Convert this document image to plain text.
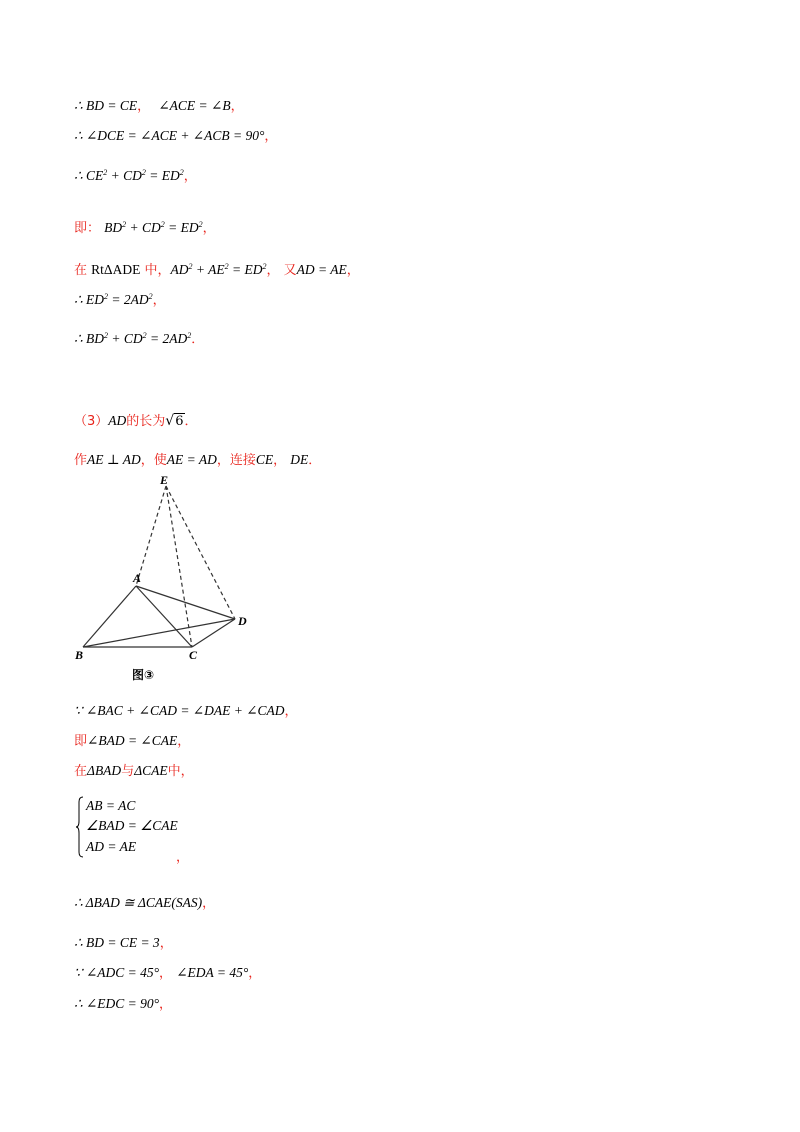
∴ BD = CE， ∠ACE = ∠B，
∴ ∠DCE = ∠ACE + ∠ACB = 90°，
∴ $CE^2 + CD^2 = ED^2$，
即： $BD^2 + CD^2 = ED^2$，
在 RtΔADE 中，$AD^2 + AE^2 = ED^2$， 又AD = AE，
∴ $ED^2 = 2AD^2$，
∴ $BD^2 + CD^2 = 2AD^2$．
（3）AD的长为√6．
作AE ⊥ AD，使AE = AD，连接CE， DE．
E
A
D
B	C
图③
∵ ∠BAC + ∠CAD = ∠DAE + ∠CAD，
即∠BAD = ∠CAE，
在ΔBAD与ΔCAE中，
AB = AC
∠BAD = ∠CAE
AD = AE
，
∴ ΔBAD ≅ ΔCAE(SAS)，
∴ BD = CE = 3，
∵ ∠ADC = 45°， ∠EDA = 45°，
∴ ∠EDC = 90°，
